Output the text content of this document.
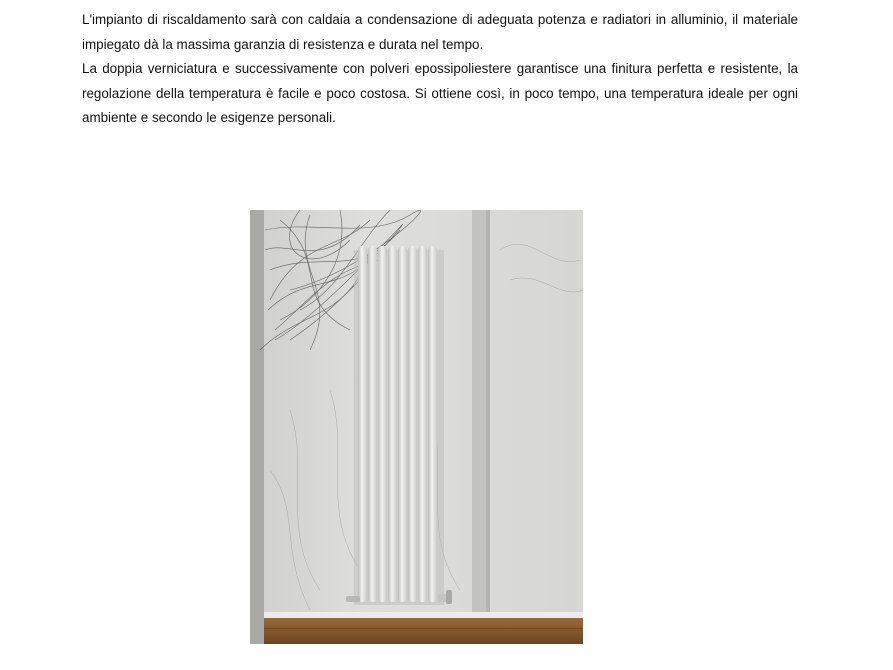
L'impianto di riscaldamento sarà con caldaia a condensazione di adeguata potenza e radiatori in alluminio, il materiale impiegato dà la massima garanzia di resistenza e durata nel tempo.

La doppia verniciatura e successivamente con polveri epossipoliestere garantisce una finitura perfetta e resistente, la regolazione della temperatura è facile e poco costosa. Si ottiene così, in poco tempo, una temperatura ideale per ogni ambiente e secondo le esigenze personali.
